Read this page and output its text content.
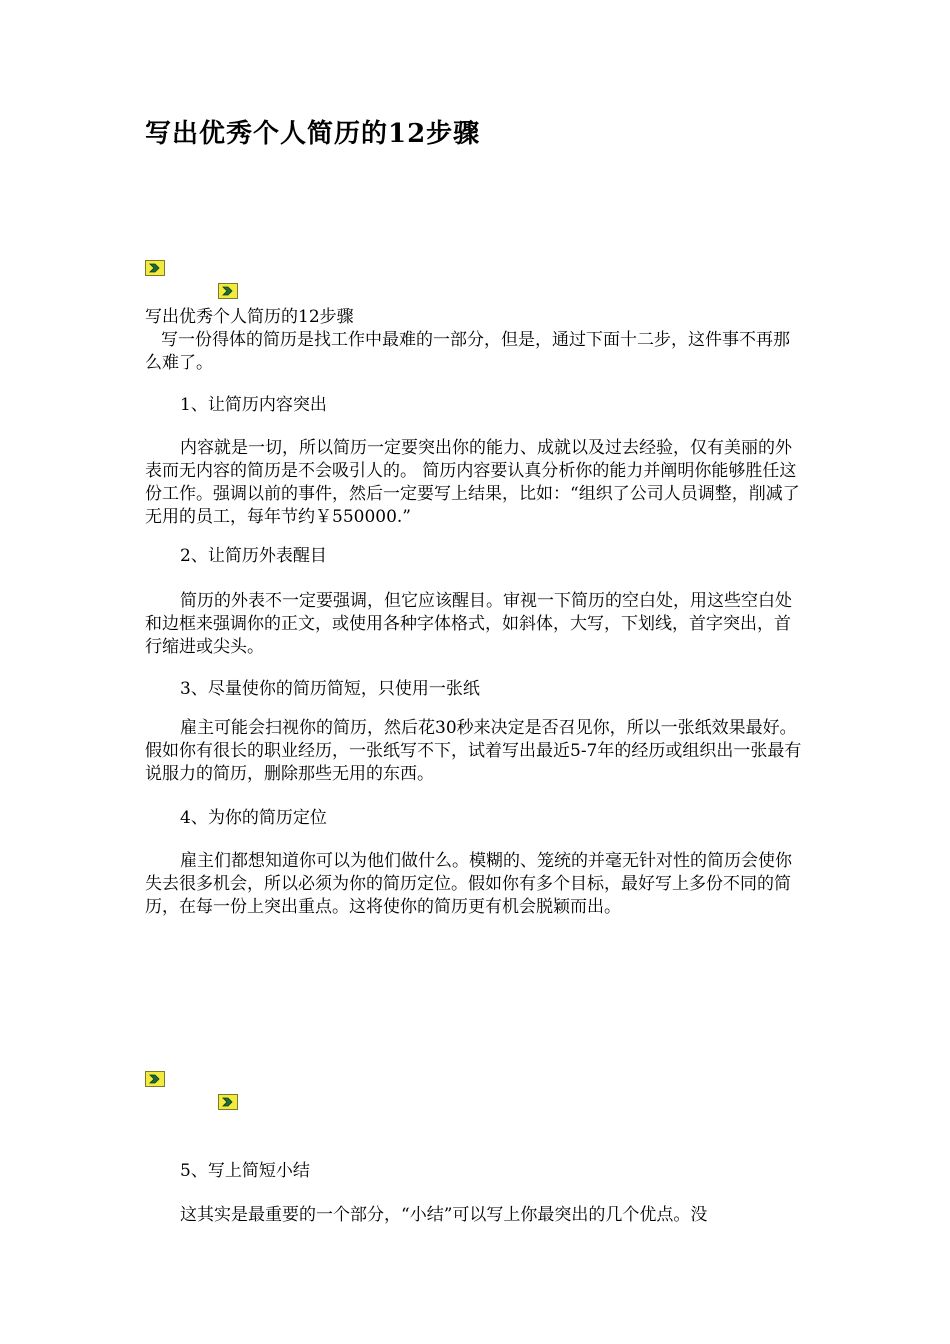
写出优秀个人简历的12步骤
写出优秀个人简历的12步骤
写一份得体的简历是找工作中最难的一部分，但是，通过下面十二步，这件事不再那么难了。
1、让简历内容突出
内容就是一切，所以简历一定要突出你的能力、成就以及过去经验，仅有美丽的外表而无内容的简历是不会吸引人的。 简历内容要认真分析你的能力并阐明你能够胜任这份工作。强调以前的事件，然后一定要写上结果，比如：“组织了公司人员调整，削减了无用的员工，每年节约￥550000.”
2、让简历外表醒目
简历的外表不一定要强调，但它应该醒目。审视一下简历的空白处，用这些空白处和边框来强调你的正文，或使用各种字体格式，如斜体，大写，下划线，首字突出，首行缩进或尖头。
3、尽量使你的简历简短，只使用一张纸
雇主可能会扫视你的简历，然后花30秒来决定是否召见你，所以一张纸效果最好。假如你有很长的职业经历，一张纸写不下，试着写出最近5-7年的经历或组织出一张最有说服力的简历，删除那些无用的东西。
4、为你的简历定位
雇主们都想知道你可以为他们做什么。模糊的、笼统的并毫无针对性的简历会使你失去很多机会，所以必须为你的简历定位。假如你有多个目标，最好写上多份不同的简历，在每一份上突出重点。这将使你的简历更有机会脱颖而出。
5、写上简短小结
这其实是最重要的一个部分，“小结”可以写上你最突出的几个优点。没
